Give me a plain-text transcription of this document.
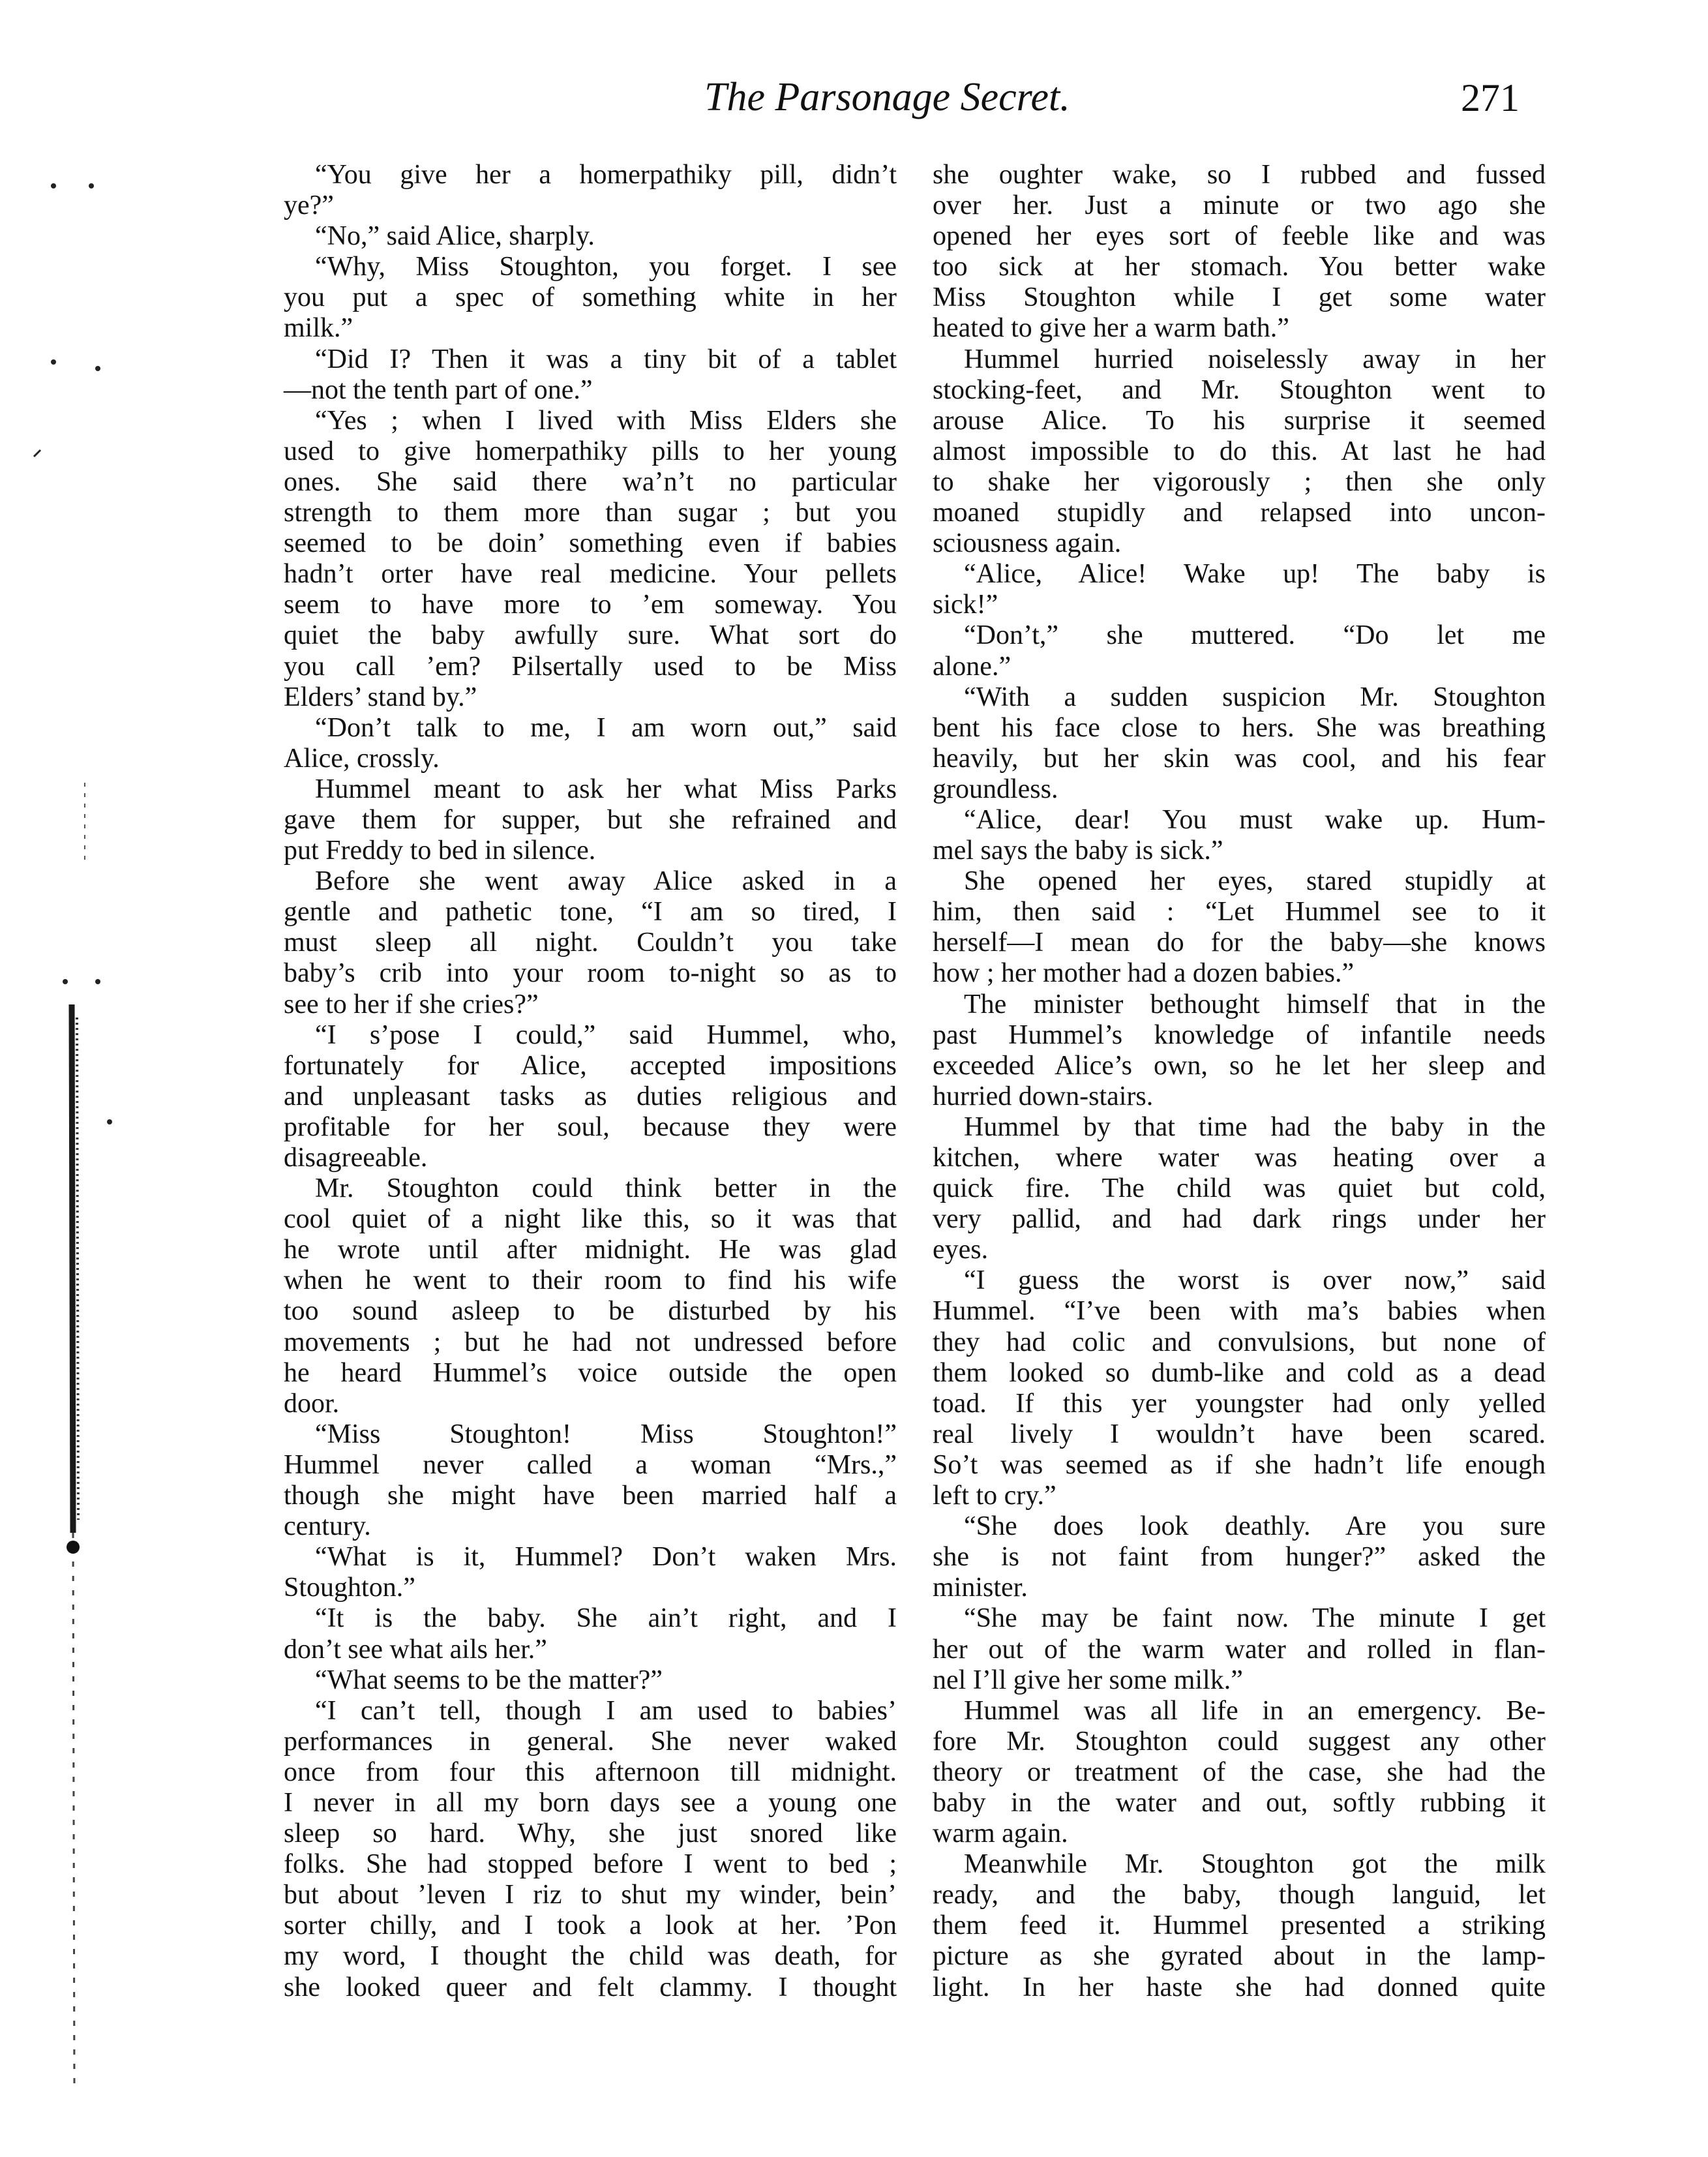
The Parsonage Secret.	271
“You give her a homerpathiky pill, didn’t
ye?”
“No,” said Alice, sharply.
“Why, Miss Stoughton, you forget. I see
you put a spec of something white in her
milk.”
“Did I? Then it was a tiny bit of a tablet
—not the tenth part of one.”
“Yes ; when I lived with Miss Elders she
used to give homerpathiky pills to her young
ones. She said there wa’n’t no particular
strength to them more than sugar ; but you
seemed to be doin’ something even if babies
hadn’t orter have real medicine. Your pellets
seem to have more to ’em someway. You
quiet the baby awfully sure. What sort do
you call ’em? Pilsertally used to be Miss
Elders’ stand by.”
“Don’t talk to me, I am worn out,” said
Alice, crossly.
Hummel meant to ask her what Miss Parks
gave them for supper, but she refrained and
put Freddy to bed in silence.
Before she went away Alice asked in a
gentle and pathetic tone, “I am so tired, I
must sleep all night. Couldn’t you take
baby’s crib into your room to-night so as to
see to her if she cries?”
“I s’pose I could,” said Hummel, who,
fortunately for Alice, accepted impositions
and unpleasant tasks as duties religious and
profitable for her soul, because they were
disagreeable.
Mr. Stoughton could think better in the
cool quiet of a night like this, so it was that
he wrote until after midnight. He was glad
when he went to their room to find his wife
too sound asleep to be disturbed by his
movements ; but he had not undressed before
he heard Hummel’s voice outside the open
door.
“Miss Stoughton! Miss Stoughton!”
Hummel never called a woman “Mrs.,”
though she might have been married half a
century.
“What is it, Hummel? Don’t waken Mrs.
Stoughton.”
“It is the baby. She ain’t right, and I
don’t see what ails her.”
“What seems to be the matter?”
“I can’t tell, though I am used to babies’
performances in general. She never waked
once from four this afternoon till midnight.
I never in all my born days see a young one
sleep so hard. Why, she just snored like
folks. She had stopped before I went to bed ;
but about ’leven I riz to shut my winder, bein’
sorter chilly, and I took a look at her. ’Pon
my word, I thought the child was death, for
she looked queer and felt clammy. I thought
she oughter wake, so I rubbed and fussed
over her. Just a minute or two ago she
opened her eyes sort of feeble like and was
too sick at her stomach. You better wake
Miss Stoughton while I get some water
heated to give her a warm bath.”
Hummel hurried noiselessly away in her
stocking-feet, and Mr. Stoughton went to
arouse Alice. To his surprise it seemed
almost impossible to do this. At last he had
to shake her vigorously ; then she only
moaned stupidly and relapsed into uncon-
sciousness again.
“Alice, Alice! Wake up! The baby is
sick!”
“Don’t,” she muttered. “Do let me
alone.”
“With a sudden suspicion Mr. Stoughton
bent his face close to hers. She was breathing
heavily, but her skin was cool, and his fear
groundless.
“Alice, dear! You must wake up. Hum-
mel says the baby is sick.”
She opened her eyes, stared stupidly at
him, then said : “Let Hummel see to it
herself—I mean do for the baby—she knows
how ; her mother had a dozen babies.”
The minister bethought himself that in the
past Hummel’s knowledge of infantile needs
exceeded Alice’s own, so he let her sleep and
hurried down-stairs.
Hummel by that time had the baby in the
kitchen, where water was heating over a
quick fire. The child was quiet but cold,
very pallid, and had dark rings under her
eyes.
“I guess the worst is over now,” said
Hummel. “I’ve been with ma’s babies when
they had colic and convulsions, but none of
them looked so dumb-like and cold as a dead
toad. If this yer youngster had only yelled
real lively I wouldn’t have been scared.
So’t was seemed as if she hadn’t life enough
left to cry.”
“She does look deathly. Are you sure
she is not faint from hunger?” asked the
minister.
“She may be faint now. The minute I get
her out of the warm water and rolled in flan-
nel I’ll give her some milk.”
Hummel was all life in an emergency. Be-
fore Mr. Stoughton could suggest any other
theory or treatment of the case, she had the
baby in the water and out, softly rubbing it
warm again.
Meanwhile Mr. Stoughton got the milk
ready, and the baby, though languid, let
them feed it. Hummel presented a striking
picture as she gyrated about in the lamp-
light. In her haste she had donned quite
